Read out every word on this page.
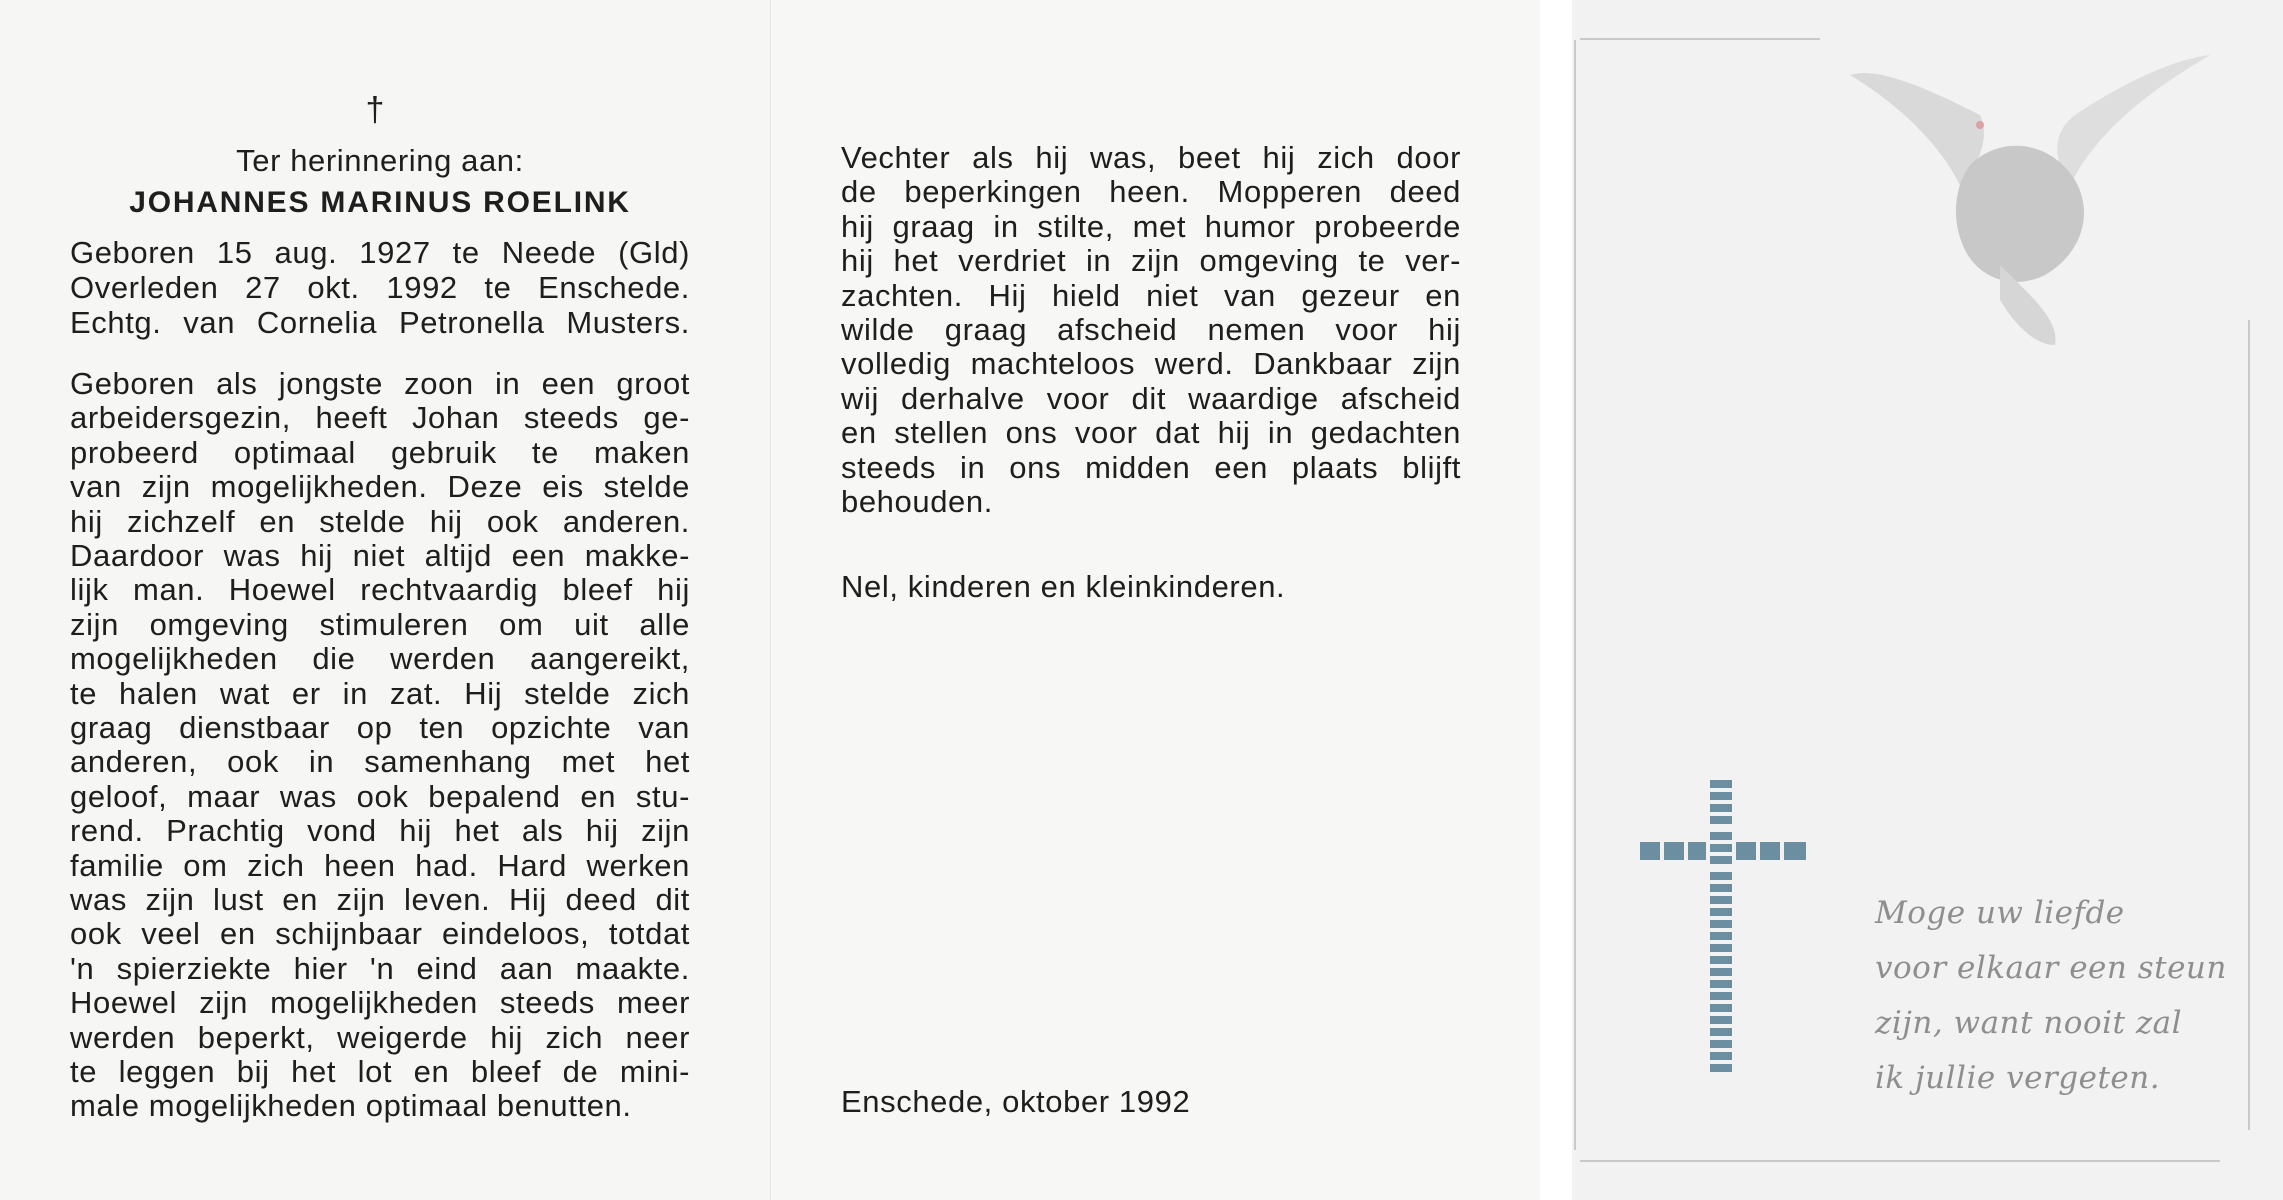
†
Ter herinnering aan:
JOHANNES MARINUS ROELINK
Geboren 15 aug. 1927 te Neede (Gld)
Overleden 27 okt. 1992 te Enschede.
Echtg. van Cornelia Petronella Musters.
Geboren als jongste zoon in een groot
arbeidersgezin, heeft Johan steeds ge-
probeerd optimaal gebruik te maken
van zijn mogelijkheden. Deze eis stelde
hij zichzelf en stelde hij ook anderen.
Daardoor was hij niet altijd een makke-
lijk man. Hoewel rechtvaardig bleef hij
zijn omgeving stimuleren om uit alle
mogelijkheden die werden aangereikt,
te halen wat er in zat. Hij stelde zich
graag dienstbaar op ten opzichte van
anderen, ook in samenhang met het
geloof, maar was ook bepalend en stu-
rend. Prachtig vond hij het als hij zijn
familie om zich heen had. Hard werken
was zijn lust en zijn leven. Hij deed dit
ook veel en schijnbaar eindeloos, totdat
'n spierziekte hier 'n eind aan maakte.
Hoewel zijn mogelijkheden steeds meer
werden beperkt, weigerde hij zich neer
te leggen bij het lot en bleef de mini-
male mogelijkheden optimaal benutten.
Vechter als hij was, beet hij zich door
de beperkingen heen. Mopperen deed
hij graag in stilte, met humor probeerde
hij het verdriet in zijn omgeving te ver-
zachten. Hij hield niet van gezeur en
wilde graag afscheid nemen voor hij
volledig machteloos werd. Dankbaar zijn
wij derhalve voor dit waardige afscheid
en stellen ons voor dat hij in gedachten
steeds in ons midden een plaats blijft
behouden.
Nel, kinderen en kleinkinderen.
Enschede, oktober 1992
Moge uw liefde
voor elkaar een steun
zijn, want nooit zal
ik jullie vergeten.
